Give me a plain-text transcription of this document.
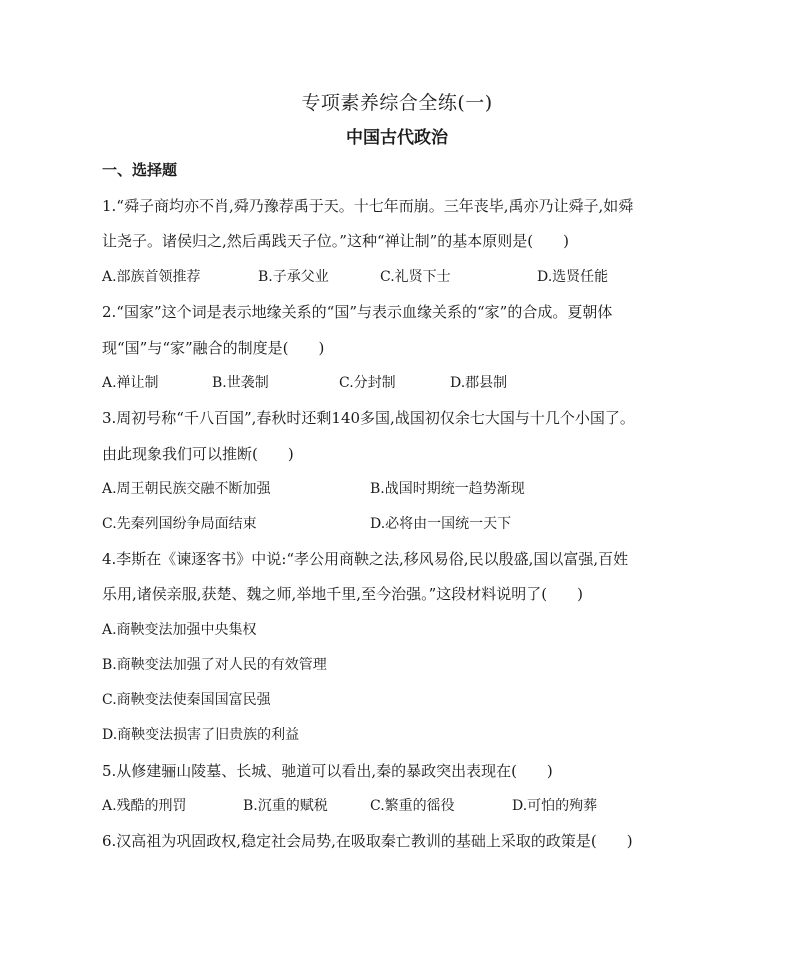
专项素养综合全练(一)
中国古代政治
一、选择题
1.“舜子商均亦不肖,舜乃豫荐禹于天。十七年而崩。三年丧毕,禹亦乃让舜子,如舜
让尧子。诸侯归之,然后禹践天子位。”这种“禅让制”的基本原则是(　　)
A.部族首领推荐	B.子承父业	C.礼贤下士	D.选贤任能
2.“国家”这个词是表示地缘关系的“国”与表示血缘关系的“家”的合成。夏朝体
现“国”与“家”融合的制度是(　　)
A.禅让制	B.世袭制	C.分封制	D.郡县制
3.周初号称“千八百国”,春秋时还剩140多国,战国初仅余七大国与十几个小国了。
由此现象我们可以推断(　　)
A.周王朝民族交融不断加强	B.战国时期统一趋势渐现
C.先秦列国纷争局面结束	D.必将由一国统一天下
4.李斯在《谏逐客书》中说:“孝公用商鞅之法,移风易俗,民以殷盛,国以富强,百姓
乐用,诸侯亲服,获楚、魏之师,举地千里,至今治强。”这段材料说明了(　　)
A.商鞅变法加强中央集权
B.商鞅变法加强了对人民的有效管理
C.商鞅变法使秦国国富民强
D.商鞅变法损害了旧贵族的利益
5.从修建骊山陵墓、长城、驰道可以看出,秦的暴政突出表现在(　　)
A.残酷的刑罚	B.沉重的赋税	C.繁重的徭役	D.可怕的殉葬
6.汉高祖为巩固政权,稳定社会局势,在吸取秦亡教训的基础上采取的政策是(　　)
